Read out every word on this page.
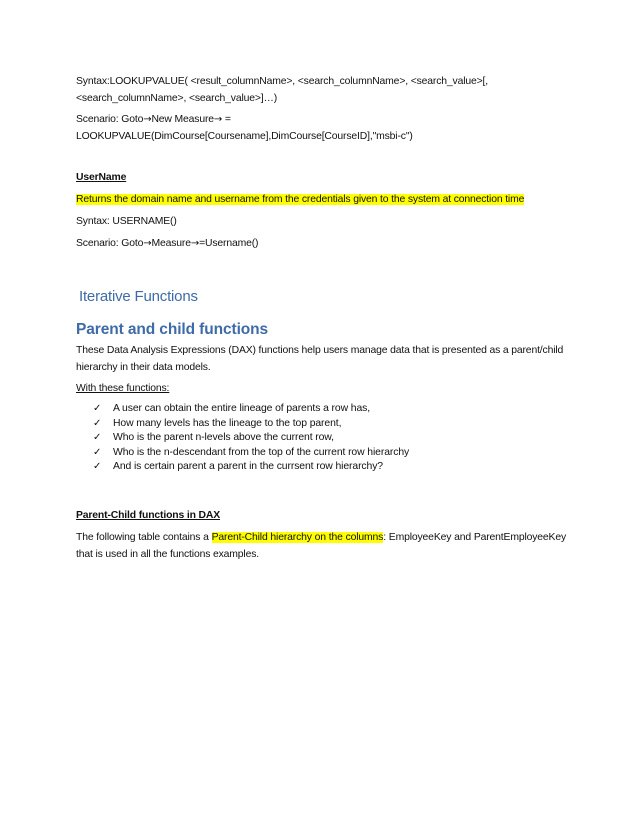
Syntax:LOOKUPVALUE( <result_columnName>, <search_columnName>, <search_value>[,
<search_columnName>, <search_value>]…)
Scenario: Goto→New Measure→ =
LOOKUPVALUE(DimCourse[Coursename],DimCourse[CourseID],"msbi-c")
UserName
Returns the domain name and username from the credentials given to the system at connection time
Syntax: USERNAME()
Scenario: Goto→Measure→=Username()
Iterative Functions
Parent and child functions
These Data Analysis Expressions (DAX) functions help users manage data that is presented as a parent/child hierarchy in their data models.
With these functions:
✓	A user can obtain the entire lineage of parents a row has,
✓	How many levels has the lineage to the top parent,
✓	Who is the parent n-levels above the current row,
✓	Who is the n-descendant from the top of the current row hierarchy
✓	And is certain parent a parent in the currsent row hierarchy?
Parent-Child functions in DAX
The following table contains a Parent-Child hierarchy on the columns: EmployeeKey and ParentEmployeeKey that is used in all the functions examples.
